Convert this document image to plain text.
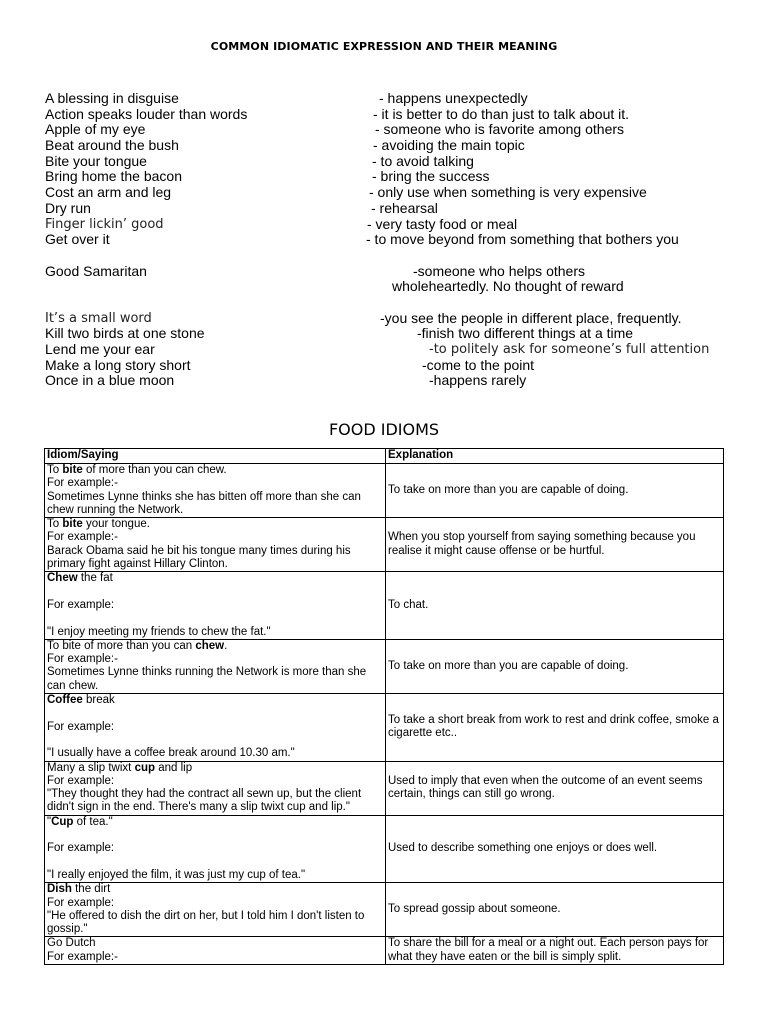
COMMON IDIOMATIC EXPRESSION AND THEIR MEANING
A blessing in disguise	- happens unexpectedly
Action speaks louder than words	- it is better to do than just to talk about it.
Apple of my eye	- someone who is favorite among others
Beat around the bush	- avoiding the main topic
Bite your tongue	- to avoid talking
Bring home the bacon	- bring the success
Cost an arm and leg	- only use when something is very expensive
Dry run	- rehearsal
Finger lickin’ good	- very tasty food or meal
Get over it	- to move beyond from something that bothers you
Good Samaritan	-someone who helps others
wholeheartedly. No thought of reward
It’s a small word	-you see the people in different place, frequently.
Kill two birds at one stone	-finish two different things at a time
Lend me your ear	-to politely ask for someone’s full attention
Make a long story short	-come to the point
Once in a blue moon	-happens rarely
FOOD IDIOMS
Idiom/Saying	Explanation
To bite of more than you can chew.
For example:-
Sometimes Lynne thinks she has bitten off more than she can chew running the Network.	To take on more than you are capable of doing.
To bite your tongue.
For example:-
Barack Obama said he bit his tongue many times during his primary fight against Hillary Clinton.	When you stop yourself from saying something because you realise it might cause offense or be hurtful.
Chew the fat

For example:

"I enjoy meeting my friends to chew the fat."	To chat.
To bite of more than you can chew.
For example:-
Sometimes Lynne thinks running the Network is more than she can chew.	To take on more than you are capable of doing.
Coffee break

For example:

"I usually have a coffee break around 10.30 am."	To take a short break from work to rest and drink coffee, smoke a cigarette etc..
Many a slip twixt cup and lip
For example:
"They thought they had the contract all sewn up, but the client didn't sign in the end. There's many a slip twixt cup and lip."	Used to imply that even when the outcome of an event seems certain, things can still go wrong.
"Cup of tea."

For example:

"I really enjoyed the film, it was just my cup of tea."	Used to describe something one enjoys or does well.
Dish the dirt
For example:
"He offered to dish the dirt on her, but I told him I don't listen to gossip."	To spread gossip about someone.
Go Dutch
For example:-	To share the bill for a meal or a night out. Each person pays for what they have eaten or the bill is simply split.
